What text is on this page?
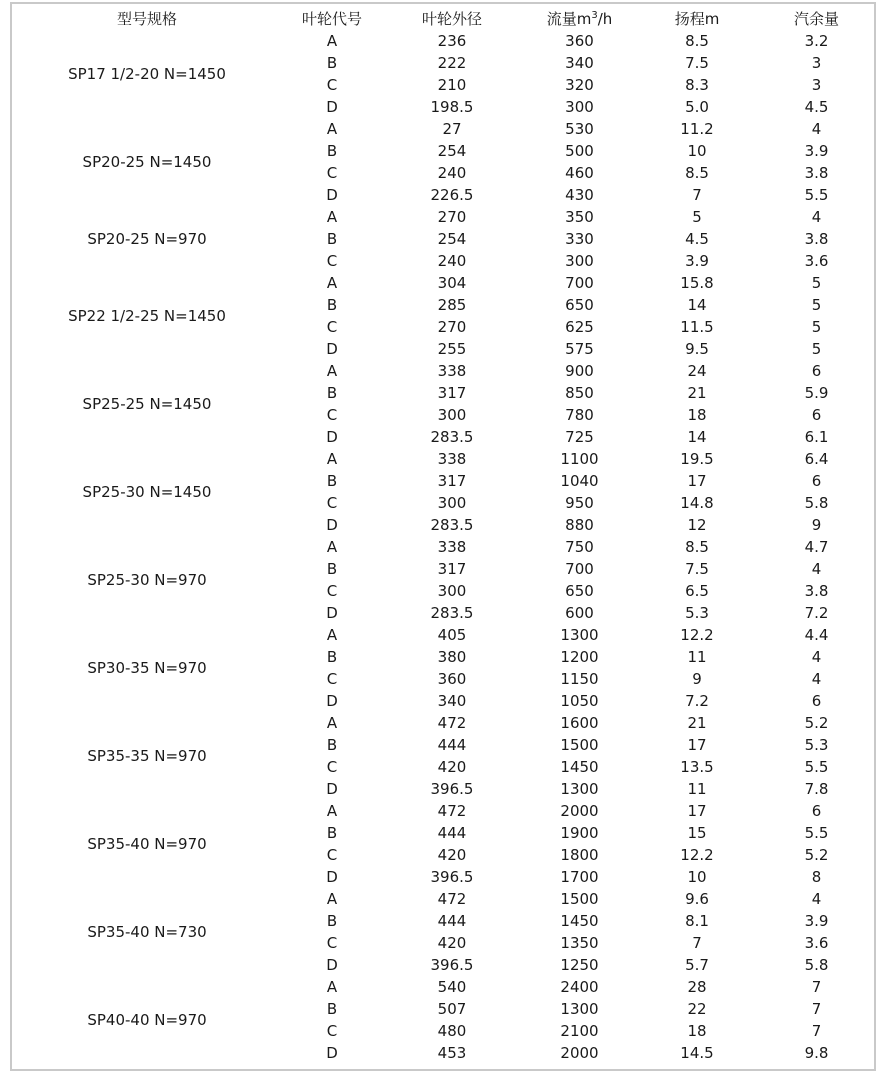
型号规格	叶轮代号	叶轮外径	流量$m^3/h$	扬程m	汽余量
SP17 1/2-20 N=1450	A	236	360	8.5	3.2
	B	222	340	7.5	3
	C	210	320	8.3	3
	D	198.5	300	5.0	4.5
SP20-25 N=1450	A	27	530	11.2	4
	B	254	500	10	3.9
	C	240	460	8.5	3.8
	D	226.5	430	7	5.5
SP20-25 N=970	A	270	350	5	4
	B	254	330	4.5	3.8
	C	240	300	3.9	3.6
SP22 1/2-25 N=1450	A	304	700	15.8	5
	B	285	650	14	5
	C	270	625	11.5	5
	D	255	575	9.5	5
SP25-25 N=1450	A	338	900	24	6
	B	317	850	21	5.9
	C	300	780	18	6
	D	283.5	725	14	6.1
SP25-30 N=1450	A	338	1100	19.5	6.4
	B	317	1040	17	6
	C	300	950	14.8	5.8
	D	283.5	880	12	9
SP25-30 N=970	A	338	750	8.5	4.7
	B	317	700	7.5	4
	C	300	650	6.5	3.8
	D	283.5	600	5.3	7.2
SP30-35 N=970	A	405	1300	12.2	4.4
	B	380	1200	11	4
	C	360	1150	9	4
	D	340	1050	7.2	6
SP35-35 N=970	A	472	1600	21	5.2
	B	444	1500	17	5.3
	C	420	1450	13.5	5.5
	D	396.5	1300	11	7.8
SP35-40 N=970	A	472	2000	17	6
	B	444	1900	15	5.5
	C	420	1800	12.2	5.2
	D	396.5	1700	10	8
SP35-40 N=730	A	472	1500	9.6	4
	B	444	1450	8.1	3.9
	C	420	1350	7	3.6
	D	396.5	1250	5.7	5.8
SP40-40 N=970	A	540	2400	28	7
	B	507	1300	22	7
	C	480	2100	18	7
	D	453	2000	14.5	9.8
